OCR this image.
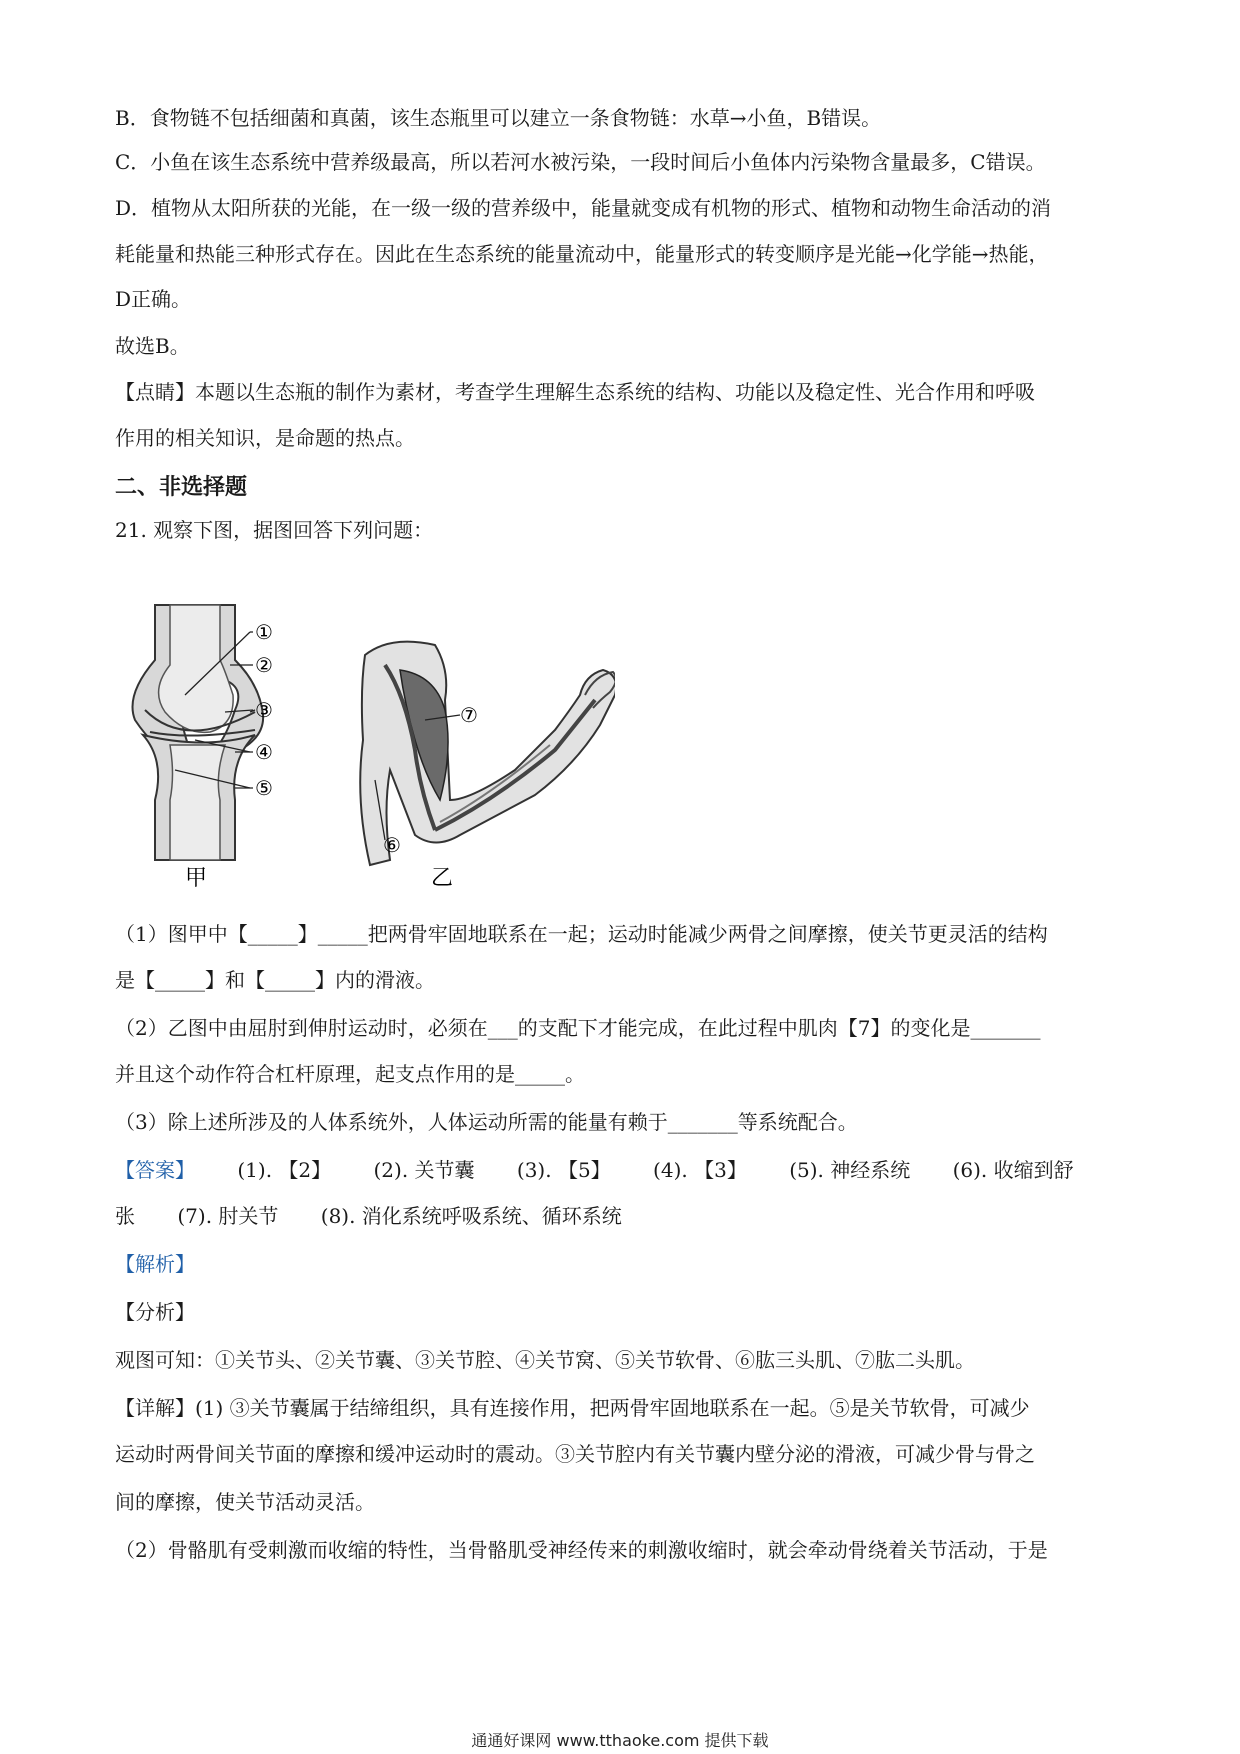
B．食物链不包括细菌和真菌，该生态瓶里可以建立一条食物链：水草→小鱼，B错误。
C．小鱼在该生态系统中营养级最高，所以若河水被污染，一段时间后小鱼体内污染物含量最多，C错误。
D．植物从太阳所获的光能，在一级一级的营养级中，能量就变成有机物的形式、植物和动物生命活动的消
耗能量和热能三种形式存在。因此在生态系统的能量流动中，能量形式的转变顺序是光能→化学能→热能，
D正确。
故选B。
【点睛】本题以生态瓶的制作为素材，考查学生理解生态系统的结构、功能以及稳定性、光合作用和呼吸
作用的相关知识，是命题的热点。
二、非选择题
21. 观察下图，据图回答下列问题：
①
②
③
④
⑤
甲
⑦
⑥
乙
（1）图甲中【_____】_____把两骨牢固地联系在一起；运动时能减少两骨之间摩擦，使关节更灵活的结构
是【_____】和【_____】内的滑液。
（2）乙图中由屈肘到伸肘运动时，必须在___的支配下才能完成，在此过程中肌肉【7】的变化是_______
并且这个动作符合杠杆原理，起支点作用的是_____。
（3）除上述所涉及的人体系统外，人体运动所需的能量有赖于_______等系统配合。
【答案】 (1). 【2】 (2). 关节囊 (3). 【5】 (4). 【3】 (5). 神经系统 (6). 收缩到舒
张 (7). 肘关节 (8). 消化系统呼吸系统、循环系统
【解析】
【分析】
观图可知：①关节头、②关节囊、③关节腔、④关节窝、⑤关节软骨、⑥肱三头肌、⑦肱二头肌。
【详解】(1) ③关节囊属于结缔组织，具有连接作用，把两骨牢固地联系在一起。⑤是关节软骨，可减少
运动时两骨间关节面的摩擦和缓冲运动时的震动。③关节腔内有关节囊内壁分泌的滑液，可减少骨与骨之
间的摩擦，使关节活动灵活。
（2）骨骼肌有受刺激而收缩的特性，当骨骼肌受神经传来的刺激收缩时，就会牵动骨绕着关节活动，于是
通通好课网 www.tthaoke.com 提供下载
